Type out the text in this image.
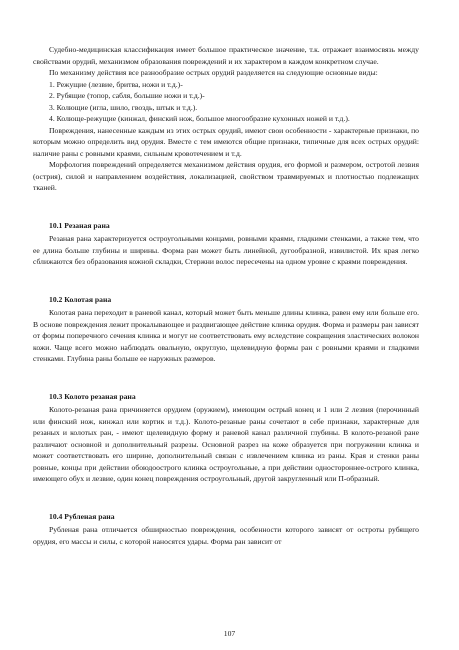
Судебно-медицинская классификация имеет большое практическое значение, т.к. отражает взаимосвязь между свойствами орудий, механизмом образования повреждений и их характером в каждом конкретном случае.

По механизму действия все разнообразие острых орудий разделяется на следующие основные виды:

1. Режущие (лезвие, бритва, ножи и т.д.)-

2. Рубящие (топор, сабля, большие ножи и т.д.)-

3. Колющие (игла, шило, гвоздь, штык и т.д.).

4. Колюще-режущие (кинжал, финский нож, большое многообразие кухонных ножей и т.д.).

Повреждения, нанесенные каждым из этих острых орудий, имеют свои особенности - характерные признаки, по которым можно определить вид орудия. Вместе с тем имеются общие признаки, типичные для всех острых орудий: наличие раны с ровными краями, сильным кровотечением и т.д.

Морфология повреждений определяется механизмом действия орудия, его формой и размером, остротой лезвия (острия), силой и направлением воздействия, локализацией, свойством травмируемых и плотностью подлежащих тканей.

10.1 Резаная рана

Резаная рана характеризуется остроугольными концами, ровными краями, гладкими стенками, а также тем, что ее длина больше глубины и ширины. Форма ран может быть линейной, дугообразной, извилистой. Их края легко сближаются без образования кожной складки, Стержни волос пересечены на одном уровне с краями повреждения.

10.2 Колотая рана

Колотая рана переходит в раневой канал, который может быть меньше длины клинка, равен ему или больше его. В основе повреждения лежит прокалывающее и раздвигающее действие клинка орудия. Форма и размеры ран зависят от формы поперечного сечения клинка и могут не соответствовать ему вследствие сокращения эластических волокон кожи. Чаще всего можно наблюдать овальную, округлую, щелевидную формы ран с ровными краями и гладкими стенками. Глубина раны больше ее наружных размеров.

10.3 Колото резаная рана

Колото-резаная рана причиняется орудием (оружием), имеющим острый конец и 1 или 2 лезвия (перочинный или финский нож, кинжал или кортик и т.д.). Колото-резаные раны сочетают в себе признаки, характерные для резаных и колотых ран, - имеют щелевидную форму и раневой канал различной глубины. В колото-резаной ране различают основной и дополнительный разрезы. Основной разрез на коже образуется при погружении клинка и может соответствовать его ширине, дополнительный связан с извлечением клинка из раны. Края и стенки раны ровные, концы при действии обоюдоострого клинка остроугольные, а при действии одностороннее-острого клинка, имеющего обух и лезвие, один конец повреждения остроугольный, другой закругленный или П-образный.

10.4 Рубленая рана

Рубленая рана отличается обширностью повреждения, особенности которого зависят от остроты рубящего орудия, его массы и силы, с которой наносятся удары. Форма ран зависит от

107
